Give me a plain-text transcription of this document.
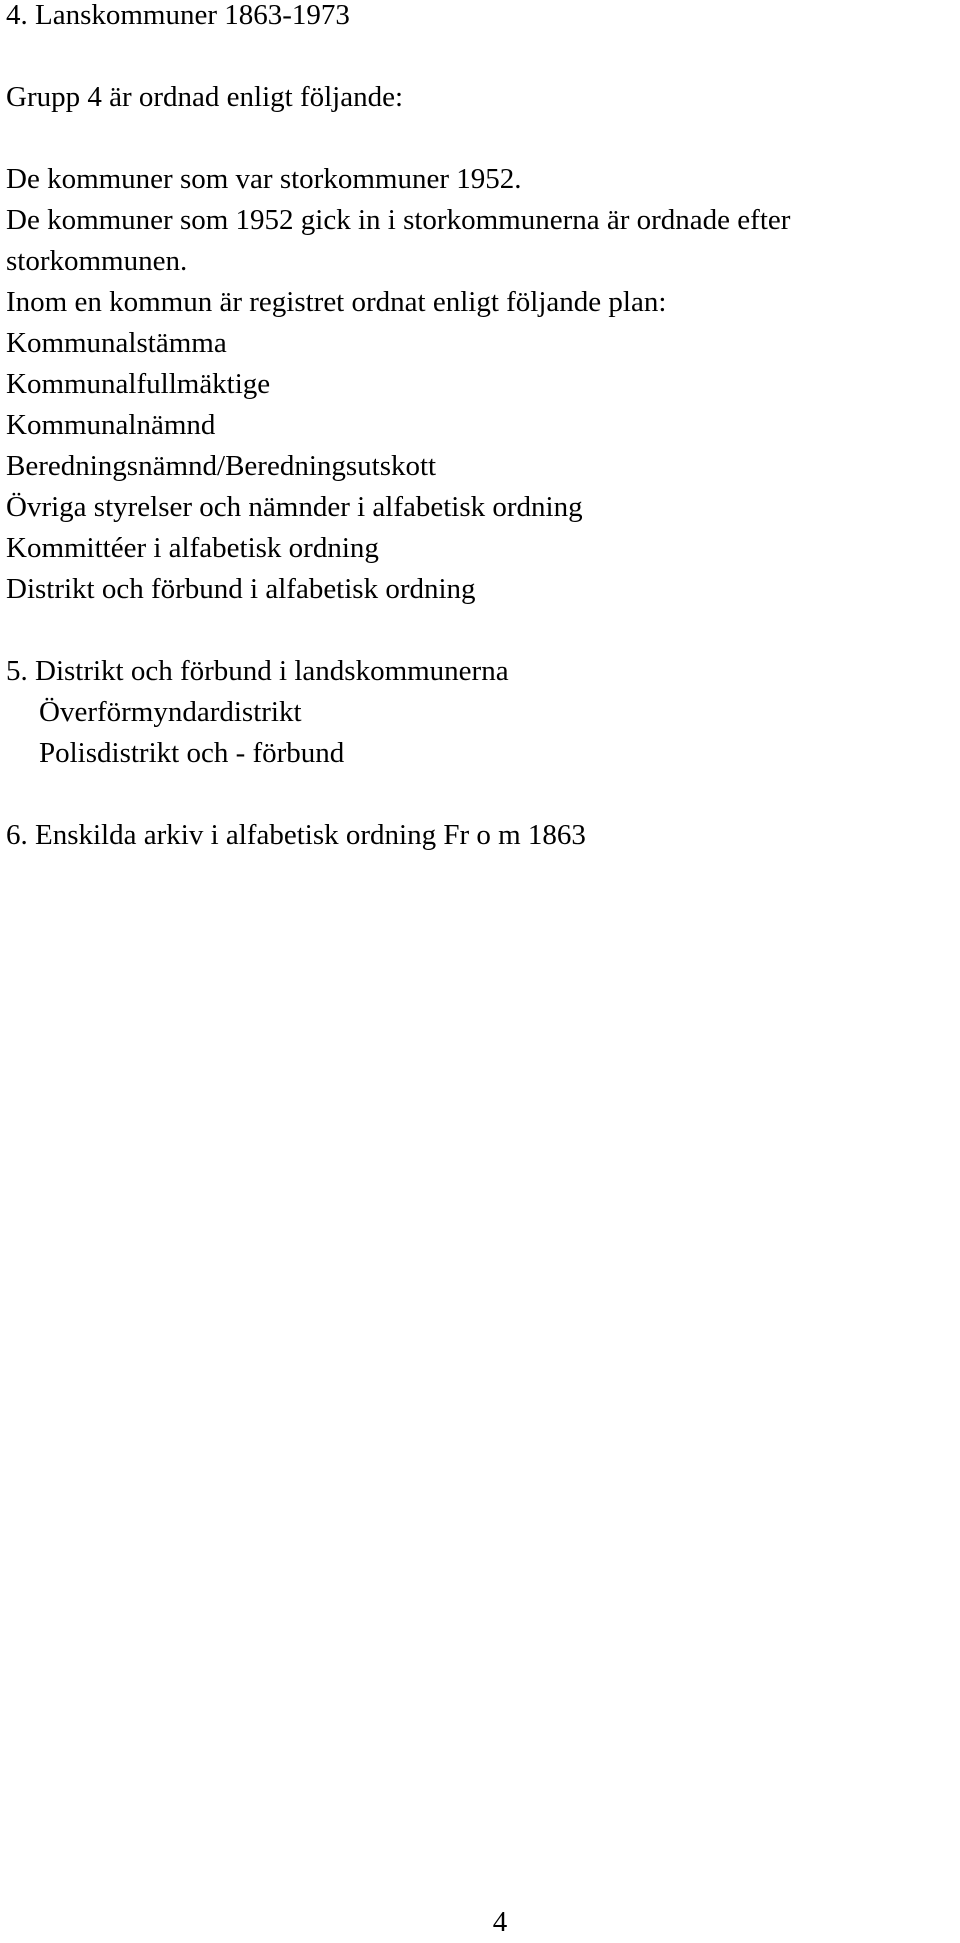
4. Lanskommuner 1863-1973
Grupp 4 är ordnad enligt följande:
De kommuner som var storkommuner 1952.
De kommuner som 1952 gick in i storkommunerna är ordnade efter
storkommunen.
Inom en kommun är registret ordnat enligt följande plan:
Kommunalstämma
Kommunalfullmäktige
Kommunalnämnd
Beredningsnämnd/Beredningsutskott
Övriga styrelser och nämnder i alfabetisk ordning
Kommittéer i alfabetisk ordning
Distrikt och förbund i alfabetisk ordning
5. Distrikt och förbund i landskommunerna
Överförmyndardistrikt
Polisdistrikt och - förbund
6. Enskilda arkiv i alfabetisk ordning Fr o m 1863
4
